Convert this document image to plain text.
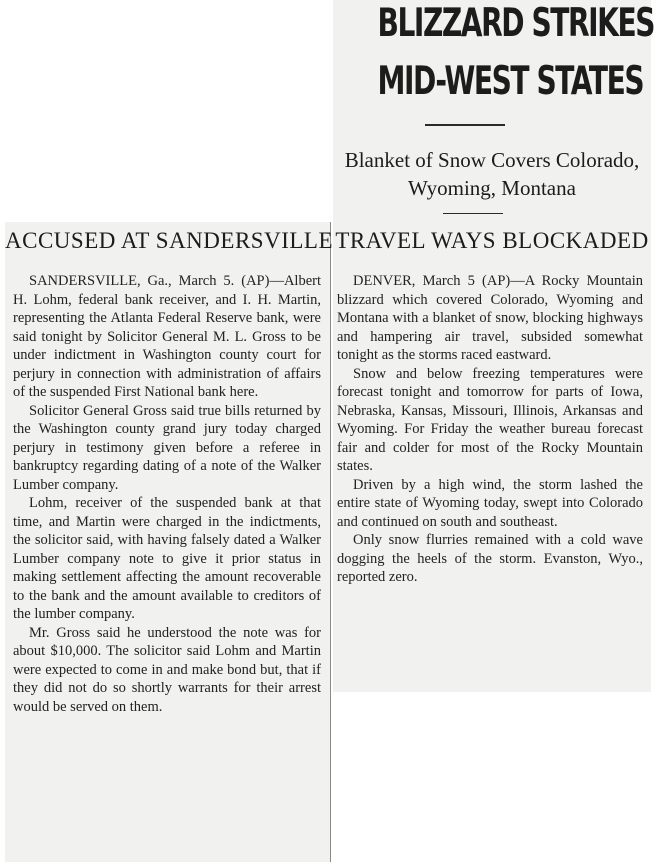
ACCUSED AT SANDERSVILLE

SANDERSVILLE, Ga., March 5. (AP)—Albert H. Lohm, federal bank receiver, and I. H. Martin, representing the Atlanta Federal Reserve bank, were said tonight by Solicitor General M. L. Gross to be under indictment in Washington county court for perjury in connection with administration of affairs of the suspended First National bank here.

Solicitor General Gross said true bills returned by the Washington county grand jury today charged perjury in testimony given before a referee in bankruptcy regarding dating of a note of the Walker Lumber company.

Lohm, receiver of the suspended bank at that time, and Martin were charged in the indictments, the solicitor said, with having falsely dated a Walker Lumber company note to give it prior status in making settlement affecting the amount recoverable to the bank and the amount available to creditors of the lumber company.

Mr. Gross said he understood the note was for about $10,000. The solicitor said Lohm and Martin were expected to come in and make bond but, that if they did not do so shortly warrants for their arrest would be served on them.

BLIZZARD STRIKES
MID-WEST STATES
Blanket of Snow Covers Colorado, Wyoming, Montana
TRAVEL WAYS BLOCKADED

DENVER, March 5 (AP)—A Rocky Mountain blizzard which covered Colorado, Wyoming and Montana with a blanket of snow, blocking highways and hampering air travel, subsided somewhat tonight as the storms raced eastward.

Snow and below freezing temperatures were forecast tonight and tomorrow for parts of Iowa, Nebraska, Kansas, Missouri, Illinois, Arkansas and Wyoming. For Friday the weather bureau forecast fair and colder for most of the Rocky Mountain states.

Driven by a high wind, the storm lashed the entire state of Wyoming today, swept into Colorado and continued on south and southeast.

Only snow flurries remained with a cold wave dogging the heels of the storm. Evanston, Wyo., reported zero.
